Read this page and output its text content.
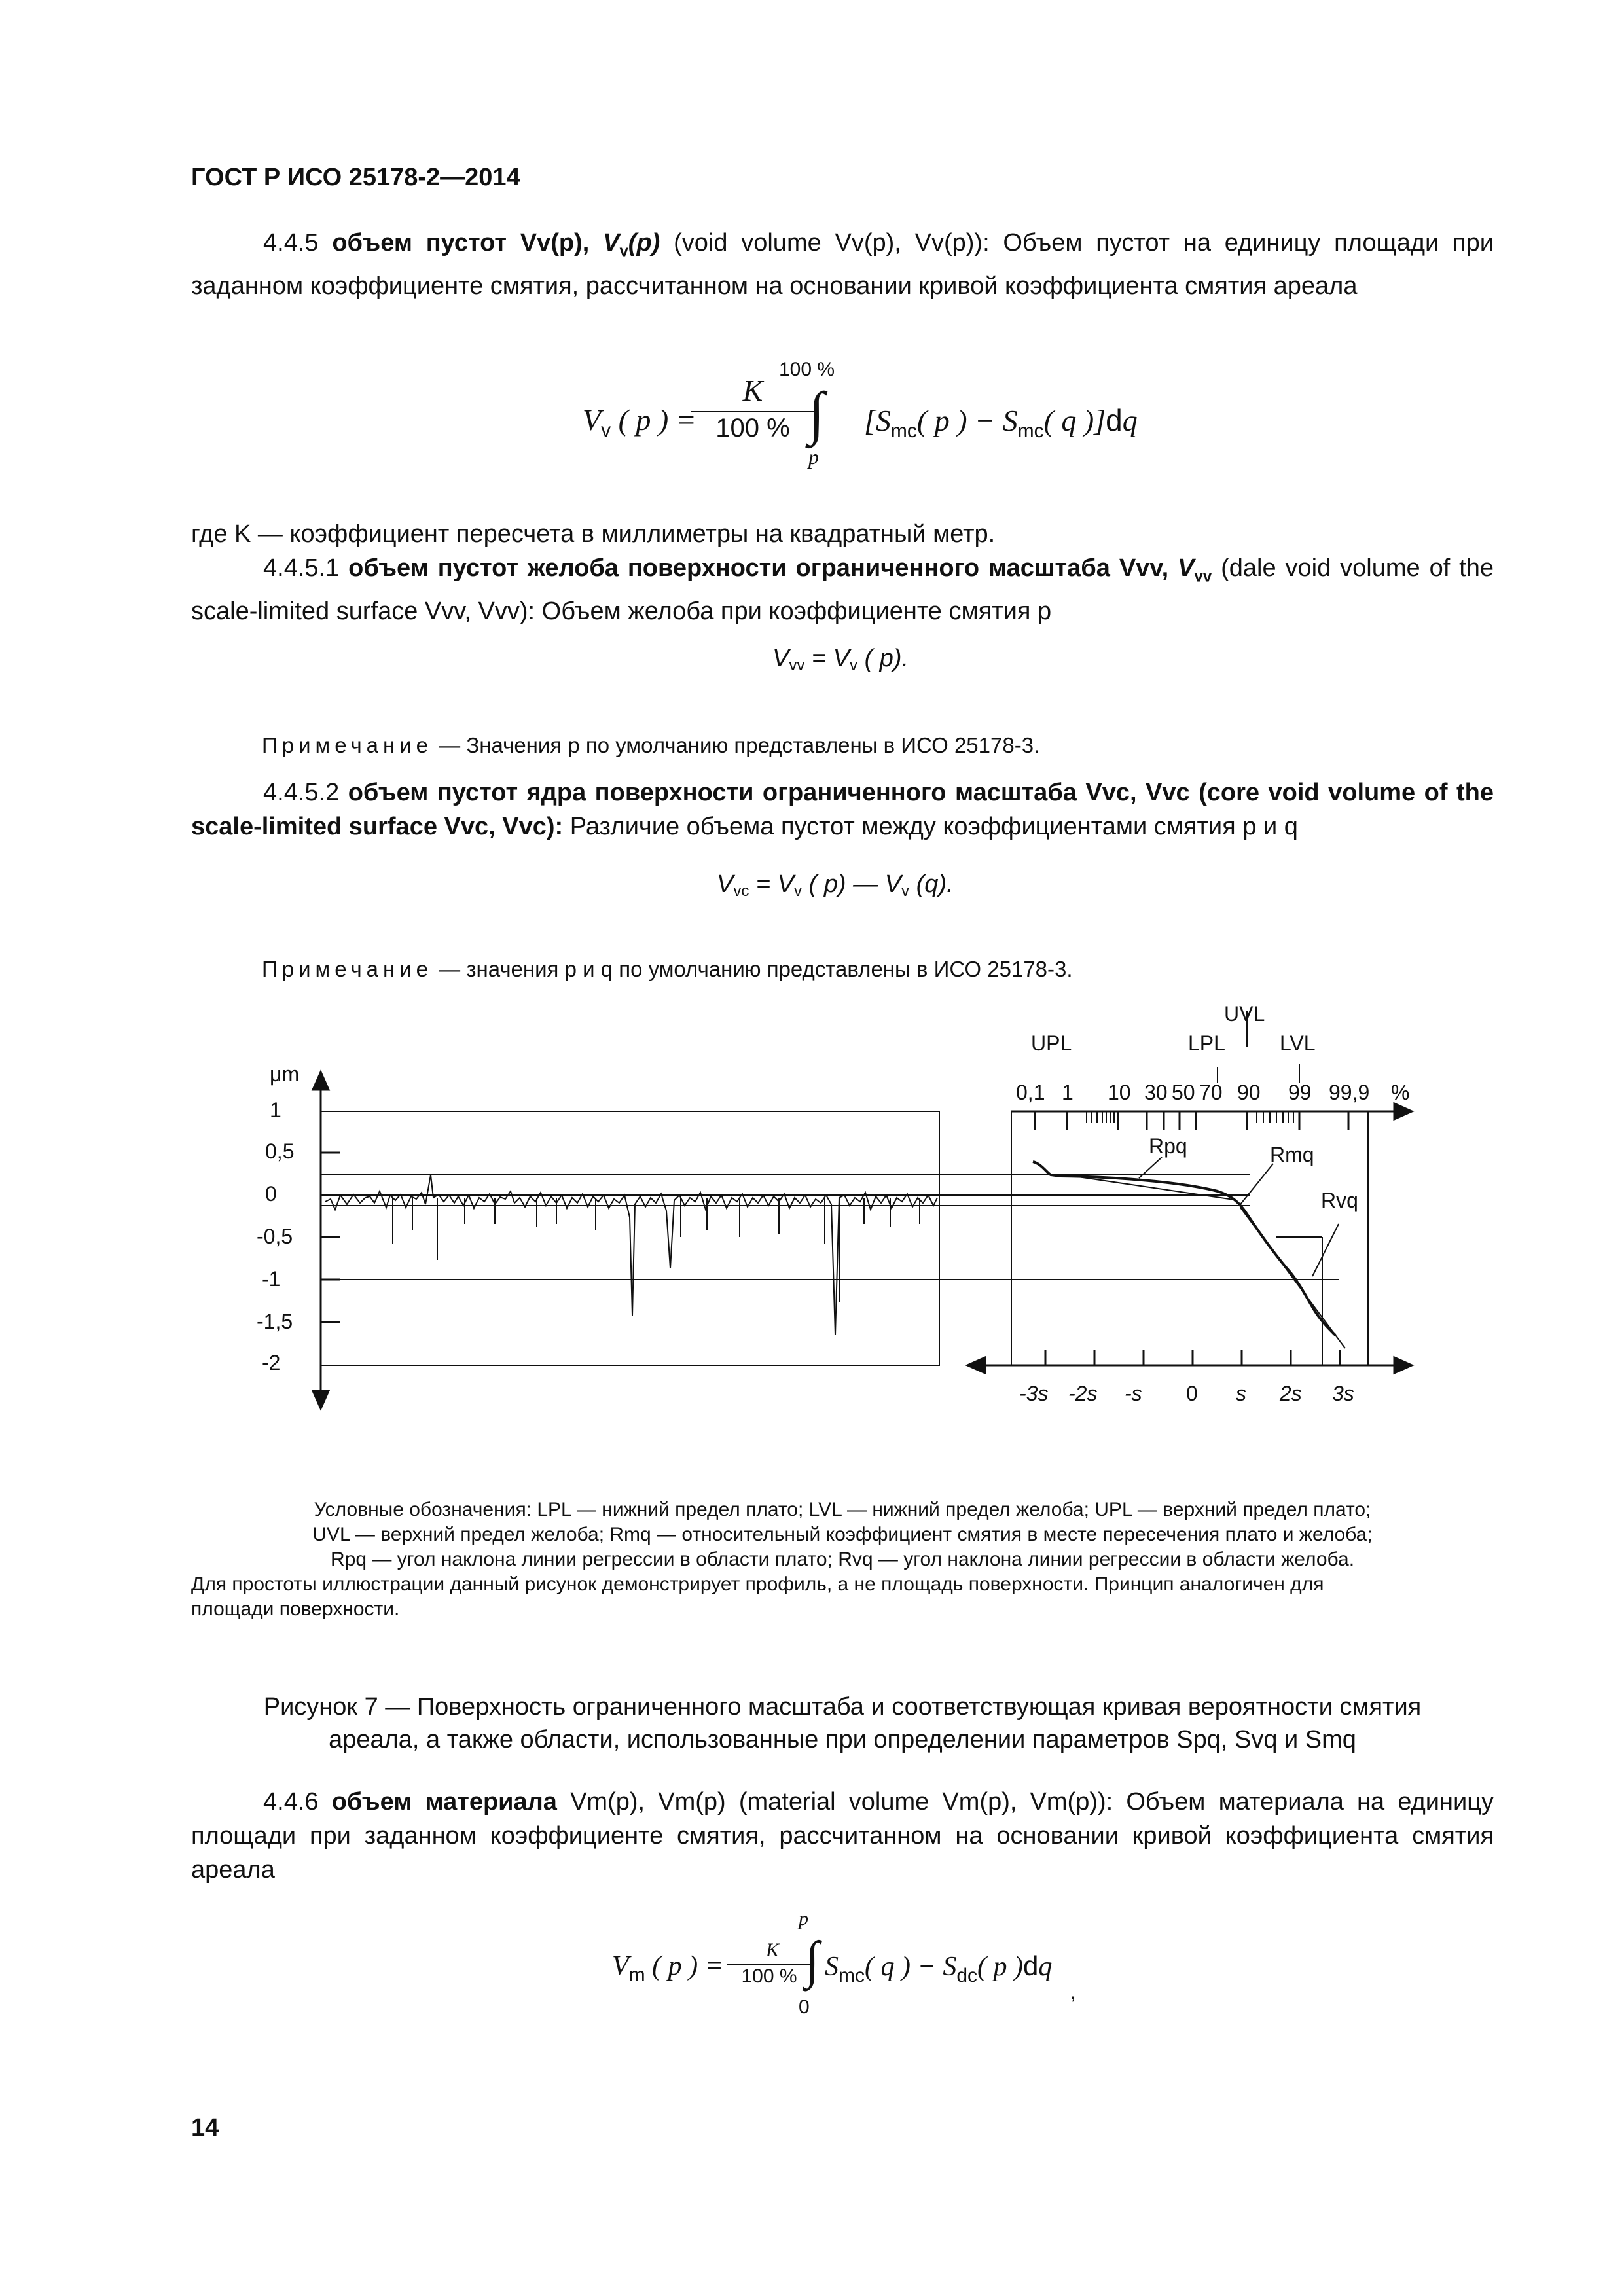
ГОСТ Р ИСО 25178-2—2014
4.4.5 объем пустот Vv(p), $V_v(p)$ (void volume Vv(p), Vv(p)): Объем пустот на единицу площади при заданном коэффициенте смятия, рассчитанном на основании кривой коэффициента смятия ареала
$V_v$ ( p ) =
K
100 %
100 %
∫
p
[$S_{mc}$( p ) − $S_{mc}$( q )]dq
где K — коэффициент пересчета в миллиметры на квадратный метр.
4.4.5.1 объем пустот желоба поверхности ограниченного масштаба Vvv, $V_{vv}$ (dale void volume of the scale-limited surface Vvv, Vvv): Объем желоба при коэффициенте смятия p
$V_{vv} = V_v$ ( p).
Примечание — Значения p по умолчанию представлены в ИСО 25178-3.
4.4.5.2 объем пустот ядра поверхности ограниченного масштаба Vvc, Vvc (core void volume of the scale-limited surface Vvc, Vvc): Различие объема пустот между коэффициентами смятия p и q
$V_{vc} = V_v$ ( p) — $V_v$ (q).
Примечание — значения p и q по умолчанию представлены в ИСО 25178-3.
μm
1
0,5
0
-0,5
-1
-1,5
-2
UPL	LPL
UVL
LVL
0,1 1 10 30 50 70 90 99 99,9 %
Rpq	Rmq
Rvq
-3s -2s -s 0 s 2s 3s
Условные обозначения: LPL — нижний предел плато; LVL — нижний предел желоба; UPL — верхний предел плато;
UVL — верхний предел желоба; Rmq — относительный коэффициент смятия в месте пересечения плато и желоба;
Rpq — угол наклона линии регрессии в области плато; Rvq — угол наклона линии регрессии в области желоба.
Для простоты иллюстрации данный рисунок демонстрирует профиль, а не площадь поверхности. Принцип аналогичен для
площади поверхности.
Рисунок 7 — Поверхность ограниченного масштаба и соответствующая кривая вероятности смятия
ареала, а также области, использованные при определении параметров Spq, Svq и Smq
4.4.6 объем материала Vm(p), Vm(p) (material volume Vm(p), Vm(p)): Объем материала на единицу площади при заданном коэффициенте смятия, рассчитанном на основании кривой коэффициента смятия ареала
$V_m$ ( p ) =
K
100 %
p
∫
0
$S_{mc}$( q ) − $S_{dc}$( p )dq
,
14
